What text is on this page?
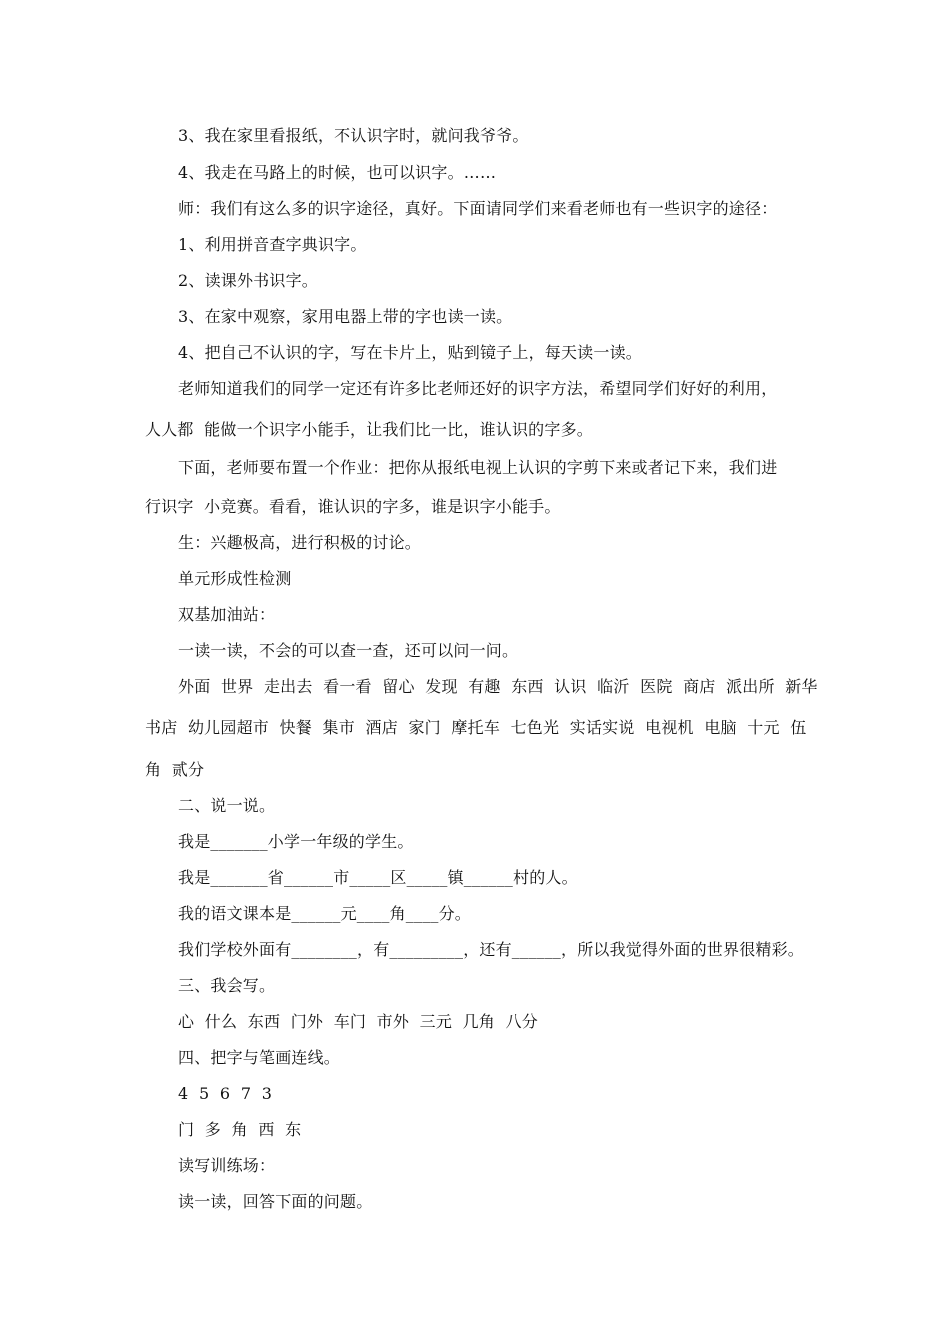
3、我在家里看报纸，不认识字时，就问我爷爷。
4、我走在马路上的时候，也可以识字。……
师：我们有这么多的识字途径，真好。下面请同学们来看老师也有一些识字的途径：
1、利用拼音查字典识字。
2、读课外书识字。
3、在家中观察，家用电器上带的字也读一读。
4、把自己不认识的字，写在卡片上，贴到镜子上，每天读一读。
老师知道我们的同学一定还有许多比老师还好的识字方法，希望同学们好好的利用，
人人都  能做一个识字小能手，让我们比一比，谁认识的字多。
下面，老师要布置一个作业：把你从报纸电视上认识的字剪下来或者记下来，我们进
行识字  小竞赛。看看，谁认识的字多，谁是识字小能手。
生：兴趣极高，进行积极的讨论。
单元形成性检测
双基加油站：
一读一读，不会的可以查一查，还可以问一问。
外面  世界  走出去  看一看  留心  发现  有趣  东西  认识  临沂  医院  商店  派出所  新华
书店  幼儿园超市  快餐  集市  酒店  家门  摩托车  七色光  实话实说  电视机  电脑  十元  伍
角  贰分
二、说一说。
我是_______小学一年级的学生。
我是_______省______市_____区_____镇______村的人。
我的语文课本是______元____角____分。
我们学校外面有________，有_________，还有______，所以我觉得外面的世界很精彩。
三、我会写。
心  什么  东西  门外  车门  市外  三元  几角  八分
四、把字与笔画连线。
4  5  6  7  3
门  多  角  西  东
读写训练场：
读一读，回答下面的问题。
